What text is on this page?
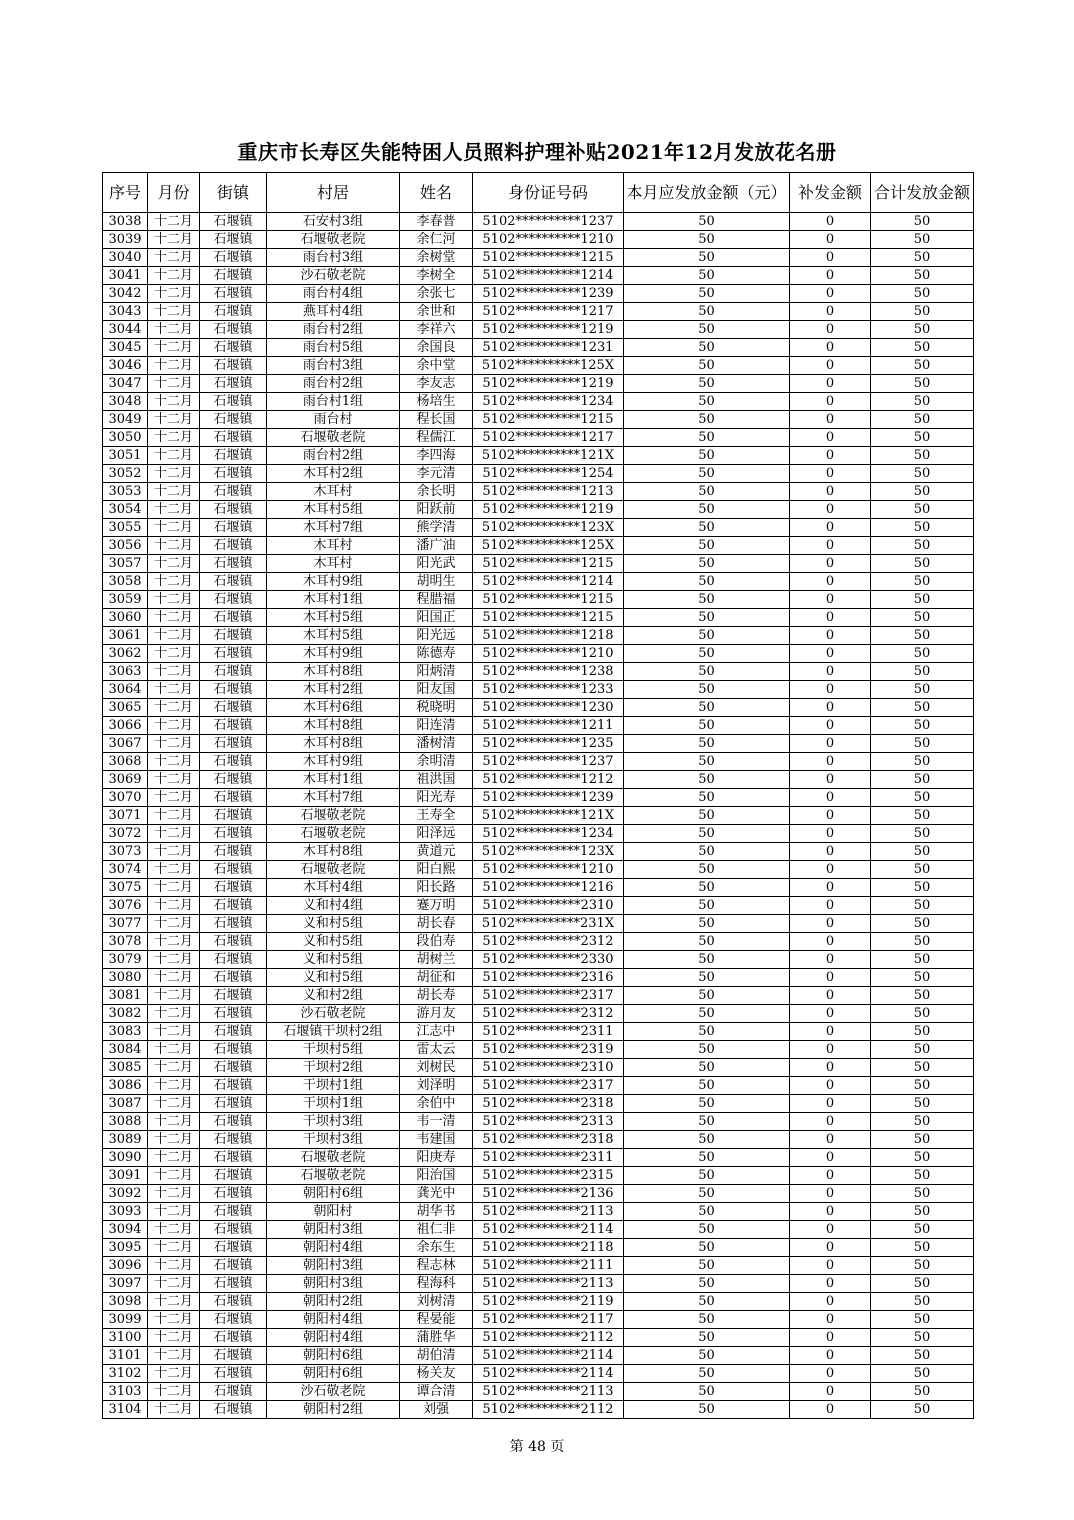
重庆市长寿区失能特困人员照料护理补贴2021年12月发放花名册
序号	月份	街镇	村居	姓名	身份证号码	本月应发放金额（元）	补发金额	合计发放金额
3038	十二月	石堰镇	石安村3组	李春普	5102**********1237	50	0	50
3039	十二月	石堰镇	石堰敬老院	余仁河	5102**********1210	50	0	50
3040	十二月	石堰镇	雨台村3组	余树堂	5102**********1215	50	0	50
3041	十二月	石堰镇	沙石敬老院	李树全	5102**********1214	50	0	50
3042	十二月	石堰镇	雨台村4组	余张七	5102**********1239	50	0	50
3043	十二月	石堰镇	燕耳村4组	余世和	5102**********1217	50	0	50
3044	十二月	石堰镇	雨台村2组	李祥六	5102**********1219	50	0	50
3045	十二月	石堰镇	雨台村5组	余国良	5102**********1231	50	0	50
3046	十二月	石堰镇	雨台村3组	余中堂	5102**********125X	50	0	50
3047	十二月	石堰镇	雨台村2组	李友志	5102**********1219	50	0	50
3048	十二月	石堰镇	雨台村1组	杨培生	5102**********1234	50	0	50
3049	十二月	石堰镇	雨台村	程长国	5102**********1215	50	0	50
3050	十二月	石堰镇	石堰敬老院	程儒江	5102**********1217	50	0	50
3051	十二月	石堰镇	雨台村2组	李四海	5102**********121X	50	0	50
3052	十二月	石堰镇	木耳村2组	李元清	5102**********1254	50	0	50
3053	十二月	石堰镇	木耳村	余长明	5102**********1213	50	0	50
3054	十二月	石堰镇	木耳村5组	阳跃前	5102**********1219	50	0	50
3055	十二月	石堰镇	木耳村7组	熊学清	5102**********123X	50	0	50
3056	十二月	石堰镇	木耳村	潘广油	5102**********125X	50	0	50
3057	十二月	石堰镇	木耳村	阳光武	5102**********1215	50	0	50
3058	十二月	石堰镇	木耳村9组	胡明生	5102**********1214	50	0	50
3059	十二月	石堰镇	木耳村1组	程腊福	5102**********1215	50	0	50
3060	十二月	石堰镇	木耳村5组	阳国正	5102**********1215	50	0	50
3061	十二月	石堰镇	木耳村5组	阳光远	5102**********1218	50	0	50
3062	十二月	石堰镇	木耳村9组	陈德寿	5102**********1210	50	0	50
3063	十二月	石堰镇	木耳村8组	阳炳清	5102**********1238	50	0	50
3064	十二月	石堰镇	木耳村2组	阳友国	5102**********1233	50	0	50
3065	十二月	石堰镇	木耳村6组	税晓明	5102**********1230	50	0	50
3066	十二月	石堰镇	木耳村8组	阳连清	5102**********1211	50	0	50
3067	十二月	石堰镇	木耳村8组	潘树清	5102**********1235	50	0	50
3068	十二月	石堰镇	木耳村9组	余明清	5102**********1237	50	0	50
3069	十二月	石堰镇	木耳村1组	祖洪国	5102**********1212	50	0	50
3070	十二月	石堰镇	木耳村7组	阳光寿	5102**********1239	50	0	50
3071	十二月	石堰镇	石堰敬老院	王寿全	5102**********121X	50	0	50
3072	十二月	石堰镇	石堰敬老院	阳泽远	5102**********1234	50	0	50
3073	十二月	石堰镇	木耳村8组	黄道元	5102**********123X	50	0	50
3074	十二月	石堰镇	石堰敬老院	阳白熙	5102**********1210	50	0	50
3075	十二月	石堰镇	木耳村4组	阳长路	5102**********1216	50	0	50
3076	十二月	石堰镇	义和村4组	蹇万明	5102**********2310	50	0	50
3077	十二月	石堰镇	义和村5组	胡长春	5102**********231X	50	0	50
3078	十二月	石堰镇	义和村5组	段伯寿	5102**********2312	50	0	50
3079	十二月	石堰镇	义和村5组	胡树兰	5102**********2330	50	0	50
3080	十二月	石堰镇	义和村5组	胡征和	5102**********2316	50	0	50
3081	十二月	石堰镇	义和村2组	胡长寿	5102**********2317	50	0	50
3082	十二月	石堰镇	沙石敬老院	游月友	5102**********2312	50	0	50
3083	十二月	石堰镇	石堰镇干坝村2组	江志中	5102**********2311	50	0	50
3084	十二月	石堰镇	干坝村5组	雷太云	5102**********2319	50	0	50
3085	十二月	石堰镇	干坝村2组	刘树民	5102**********2310	50	0	50
3086	十二月	石堰镇	干坝村1组	刘泽明	5102**********2317	50	0	50
3087	十二月	石堰镇	干坝村1组	余伯中	5102**********2318	50	0	50
3088	十二月	石堰镇	干坝村3组	韦一清	5102**********2313	50	0	50
3089	十二月	石堰镇	干坝村3组	韦建国	5102**********2318	50	0	50
3090	十二月	石堰镇	石堰敬老院	阳庚寿	5102**********2311	50	0	50
3091	十二月	石堰镇	石堰敬老院	阳治国	5102**********2315	50	0	50
3092	十二月	石堰镇	朝阳村6组	龚光中	5102**********2136	50	0	50
3093	十二月	石堰镇	朝阳村	胡华书	5102**********2113	50	0	50
3094	十二月	石堰镇	朝阳村3组	祖仁非	5102**********2114	50	0	50
3095	十二月	石堰镇	朝阳村4组	余东生	5102**********2118	50	0	50
3096	十二月	石堰镇	朝阳村3组	程志林	5102**********2111	50	0	50
3097	十二月	石堰镇	朝阳村3组	程海科	5102**********2113	50	0	50
3098	十二月	石堰镇	朝阳村2组	刘树清	5102**********2119	50	0	50
3099	十二月	石堰镇	朝阳村4组	程晏能	5102**********2117	50	0	50
3100	十二月	石堰镇	朝阳村4组	蒲胜华	5102**********2112	50	0	50
3101	十二月	石堰镇	朝阳村6组	胡伯清	5102**********2114	50	0	50
3102	十二月	石堰镇	朝阳村6组	杨关友	5102**********2114	50	0	50
3103	十二月	石堰镇	沙石敬老院	谭合清	5102**********2113	50	0	50
3104	十二月	石堰镇	朝阳村2组	刘强	5102**********2112	50	0	50
第 48 页
